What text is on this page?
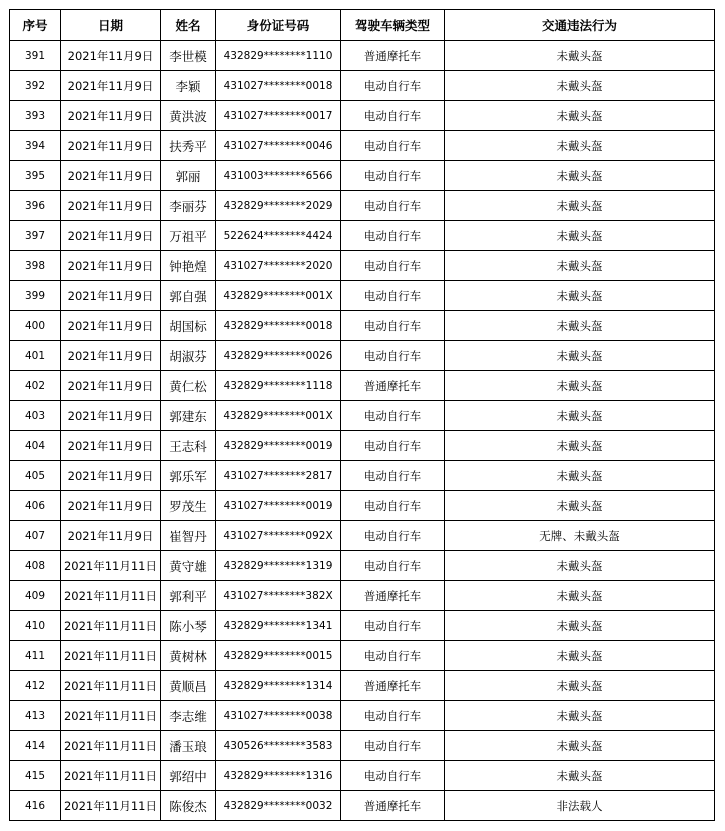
序号	日期	姓名	身份证号码	驾驶车辆类型	交通违法行为
391	2021年11月9日	李世模	432829********1110	普通摩托车	未戴头盔
392	2021年11月9日	李颖	431027********0018	电动自行车	未戴头盔
393	2021年11月9日	黄洪波	431027********0017	电动自行车	未戴头盔
394	2021年11月9日	扶秀平	431027********0046	电动自行车	未戴头盔
395	2021年11月9日	郭丽	431003********6566	电动自行车	未戴头盔
396	2021年11月9日	李丽芬	432829********2029	电动自行车	未戴头盔
397	2021年11月9日	万祖平	522624********4424	电动自行车	未戴头盔
398	2021年11月9日	钟艳煌	431027********2020	电动自行车	未戴头盔
399	2021年11月9日	郭自强	432829********001X	电动自行车	未戴头盔
400	2021年11月9日	胡国标	432829********0018	电动自行车	未戴头盔
401	2021年11月9日	胡淑芬	432829********0026	电动自行车	未戴头盔
402	2021年11月9日	黄仁松	432829********1118	普通摩托车	未戴头盔
403	2021年11月9日	郭建东	432829********001X	电动自行车	未戴头盔
404	2021年11月9日	王志科	432829********0019	电动自行车	未戴头盔
405	2021年11月9日	郭乐军	431027********2817	电动自行车	未戴头盔
406	2021年11月9日	罗茂生	431027********0019	电动自行车	未戴头盔
407	2021年11月9日	崔智丹	431027********092X	电动自行车	无牌、未戴头盔
408	2021年11月11日	黄守雄	432829********1319	电动自行车	未戴头盔
409	2021年11月11日	郭利平	431027********382X	普通摩托车	未戴头盔
410	2021年11月11日	陈小琴	432829********1341	电动自行车	未戴头盔
411	2021年11月11日	黄树林	432829********0015	电动自行车	未戴头盔
412	2021年11月11日	黄顺昌	432829********1314	普通摩托车	未戴头盔
413	2021年11月11日	李志维	431027********0038	电动自行车	未戴头盔
414	2021年11月11日	潘玉琅	430526********3583	电动自行车	未戴头盔
415	2021年11月11日	郭绍中	432829********1316	电动自行车	未戴头盔
416	2021年11月11日	陈俊杰	432829********0032	普通摩托车	非法载人
